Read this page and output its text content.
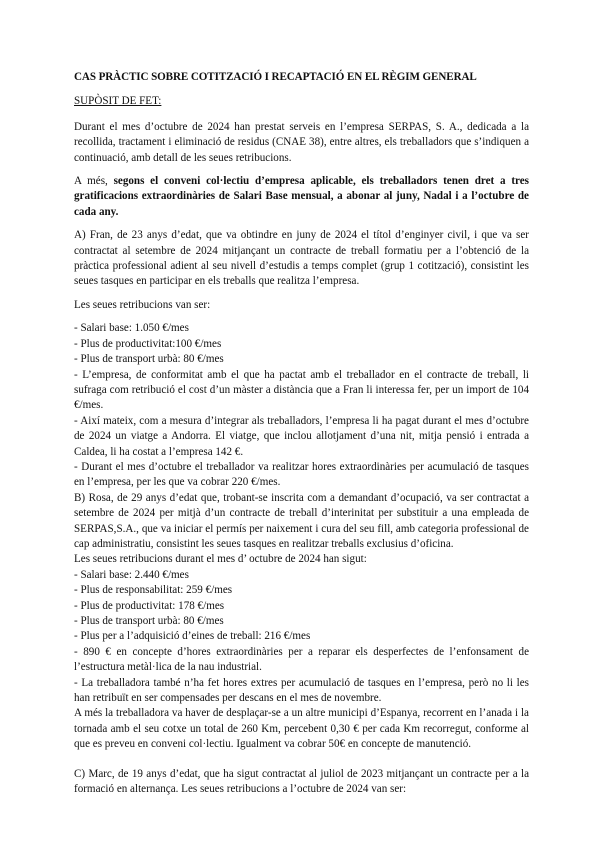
CAS PRÀCTIC SOBRE COTITZACIÓ I RECAPTACIÓ EN EL RÈGIM GENERAL

SUPÒSIT DE FET:

Durant el mes d’octubre de 2024 han prestat serveis en l’empresa SERPAS, S. A., dedicada a la recollida, tractament i eliminació de residus (CNAE 38), entre altres, els treballadors que s’indiquen a continuació, amb detall de les seues retribucions.

A més, segons el conveni col·lectiu d’empresa aplicable, els treballadors tenen dret a tres gratificacions extraordinàries de Salari Base mensual, a abonar al juny, Nadal i a l’octubre de cada any.

A) Fran, de 23 anys d’edat, que va obtindre en juny de 2024 el títol d’enginyer civil, i que va ser contractat al setembre de 2024 mitjançant un contracte de treball formatiu per a l’obtenció de la pràctica professional adient al seu nivell d’estudis a temps complet (grup 1 cotització), consistint les seues tasques en participar en els treballs que realitza l’empresa.

Les seues retribucions van ser:

- Salari base: 1.050 €/mes
- Plus de productivitat:100 €/mes
- Plus de transport urbà: 80 €/mes
- L’empresa, de conformitat amb el que ha pactat amb el treballador en el contracte de treball, li sufraga com retribució el cost d’un màster a distància que a Fran li interessa fer, per un import de 104 €/mes.
- Així mateix, com a mesura d’integrar als treballadors, l’empresa li ha pagat durant el mes d’octubre de 2024 un viatge a Andorra. El viatge, que inclou allotjament d’una nit, mitja pensió i entrada a Caldea, li ha costat a l’empresa 142 €.
- Durant el mes d’octubre el treballador va realitzar hores extraordinàries per acumulació de tasques en l’empresa, per les que va cobrar 220 €/mes.

B) Rosa, de 29 anys d’edat que, trobant-se inscrita com a demandant d’ocupació, va ser contractat a setembre de 2024 per mitjà d’un contracte de treball d’interinitat per substituir a una empleada de SERPAS,S.A., que va iniciar el permís per naixement i cura del seu fill, amb categoria professional de cap administratiu, consistint les seues tasques en realitzar treballs exclusius d’oficina.

Les seues retribucions durant el mes d’ octubre de 2024 han sigut:

- Salari base: 2.440 €/mes
- Plus de responsabilitat: 259 €/mes
- Plus de productivitat: 178 €/mes
- Plus de transport urbà: 80 €/mes
- Plus per a l’adquisició d’eines de treball: 216 €/mes
- 890 € en concepte d’hores extraordinàries per a reparar els desperfectes de l’enfonsament de l’estructura metàl·lica de la nau industrial.
- La treballadora també n’ha fet hores extres per acumulació de tasques en l’empresa, però no li les han retribuït en ser compensades per descans en el mes de novembre.

A més la treballadora va haver de desplaçar-se a un altre municipi d’Espanya, recorrent en l’anada i la tornada amb el seu cotxe un total de 260 Km, percebent 0,30 € per cada Km recorregut, conforme al que es preveu en conveni col·lectiu. Igualment va cobrar 50€ en concepte de manutenció.

C) Marc, de 19 anys d’edat, que ha sigut contractat al juliol de 2023 mitjançant un contracte per a la formació en alternança. Les seues retribucions a l’octubre de 2024 van ser:
